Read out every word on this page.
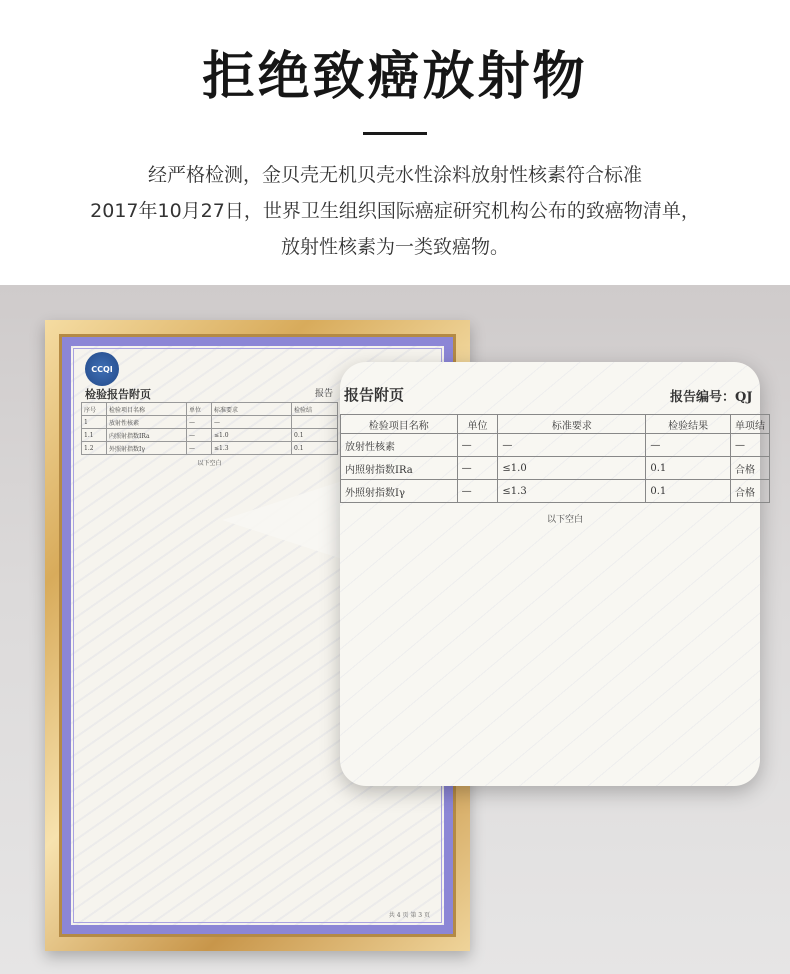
拒绝致癌放射物
经严格检测，金贝壳无机贝壳水性涂料放射性核素符合标准
2017年10月27日，世界卫生组织国际癌症研究机构公布的致癌物清单，
放射性核素为一类致癌物。
CCQI
检验报告附页	报告
序号	检验项目名称	单位	标准要求	检验结
1	放射性核素	—	—	
1.1	内照射指数IRa	—	≤1.0	0.1
1.2	外照射指数Iγ	—	≤1.3	0.1
以下空白
共 4 页 第 3 页
报告附页	报告编号：QJ
检验项目名称	单位	标准要求	检验结果	单项结
放射性核素	—	—	—	—
内照射指数IRa	—	≤1.0	0.1	合格
外照射指数Iγ	—	≤1.3	0.1	合格
以下空白
